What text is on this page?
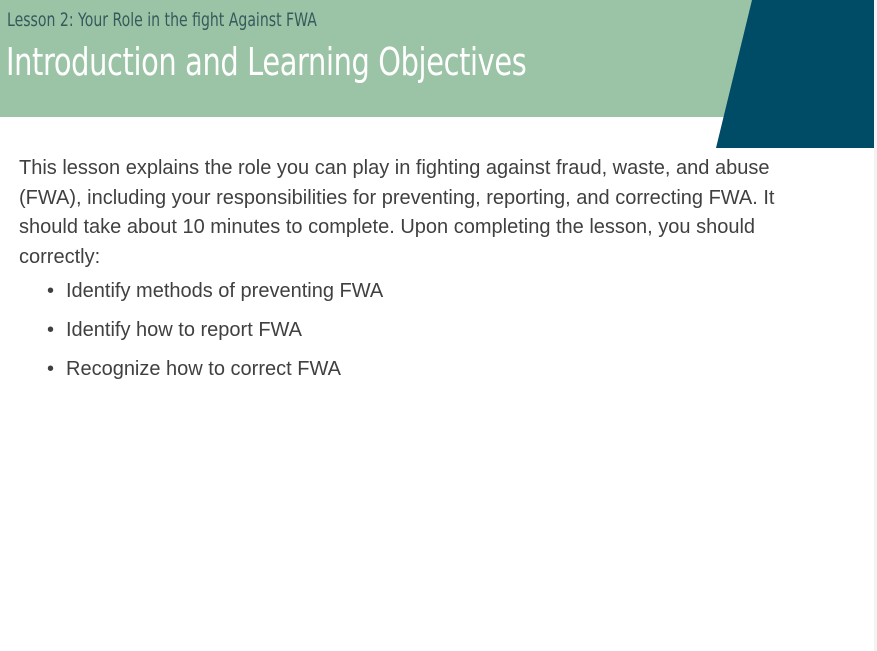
Lesson 2: Your Role in the fight Against FWA
Introduction and Learning Objectives

This lesson explains the role you can play in fighting against fraud, waste, and abuse (FWA), including your responsibilities for preventing, reporting, and correcting FWA. It should take about 10 minutes to complete. Upon completing the lesson, you should correctly:

• Identify methods of preventing FWA
• Identify how to report FWA
• Recognize how to correct FWA
